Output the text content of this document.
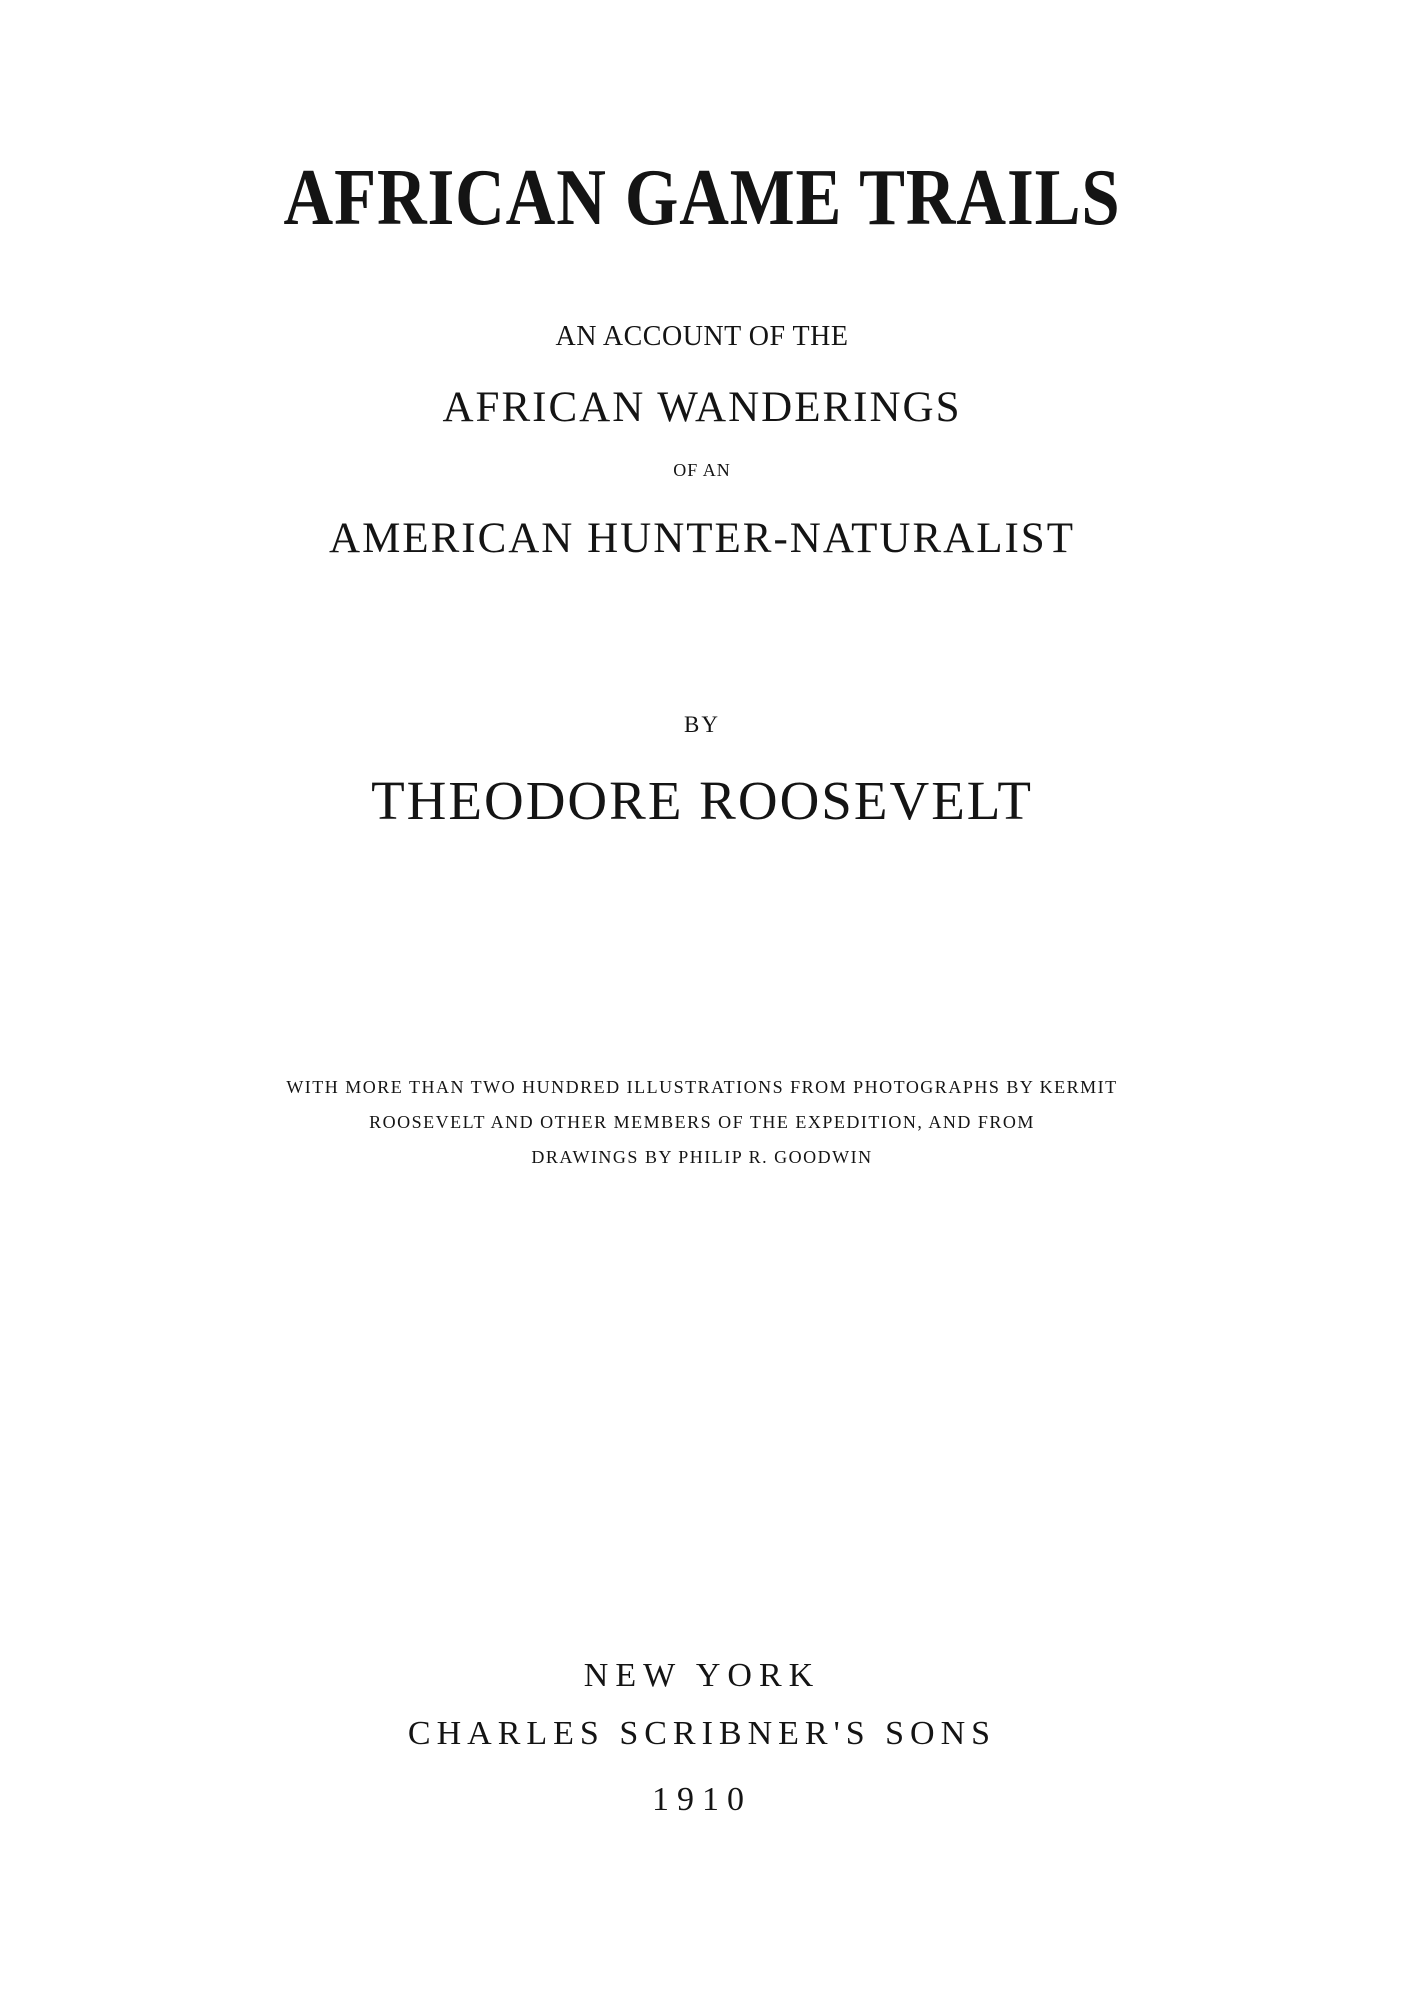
AFRICAN GAME TRAILS
AN ACCOUNT OF THE
AFRICAN WANDERINGS
OF AN
AMERICAN HUNTER-NATURALIST
BY
THEODORE ROOSEVELT
WITH MORE THAN TWO HUNDRED ILLUSTRATIONS FROM PHOTOGRAPHS BY KERMIT
ROOSEVELT AND OTHER MEMBERS OF THE EXPEDITION, AND FROM
DRAWINGS BY PHILIP R. GOODWIN
NEW YORK
CHARLES SCRIBNER'S SONS
1910
